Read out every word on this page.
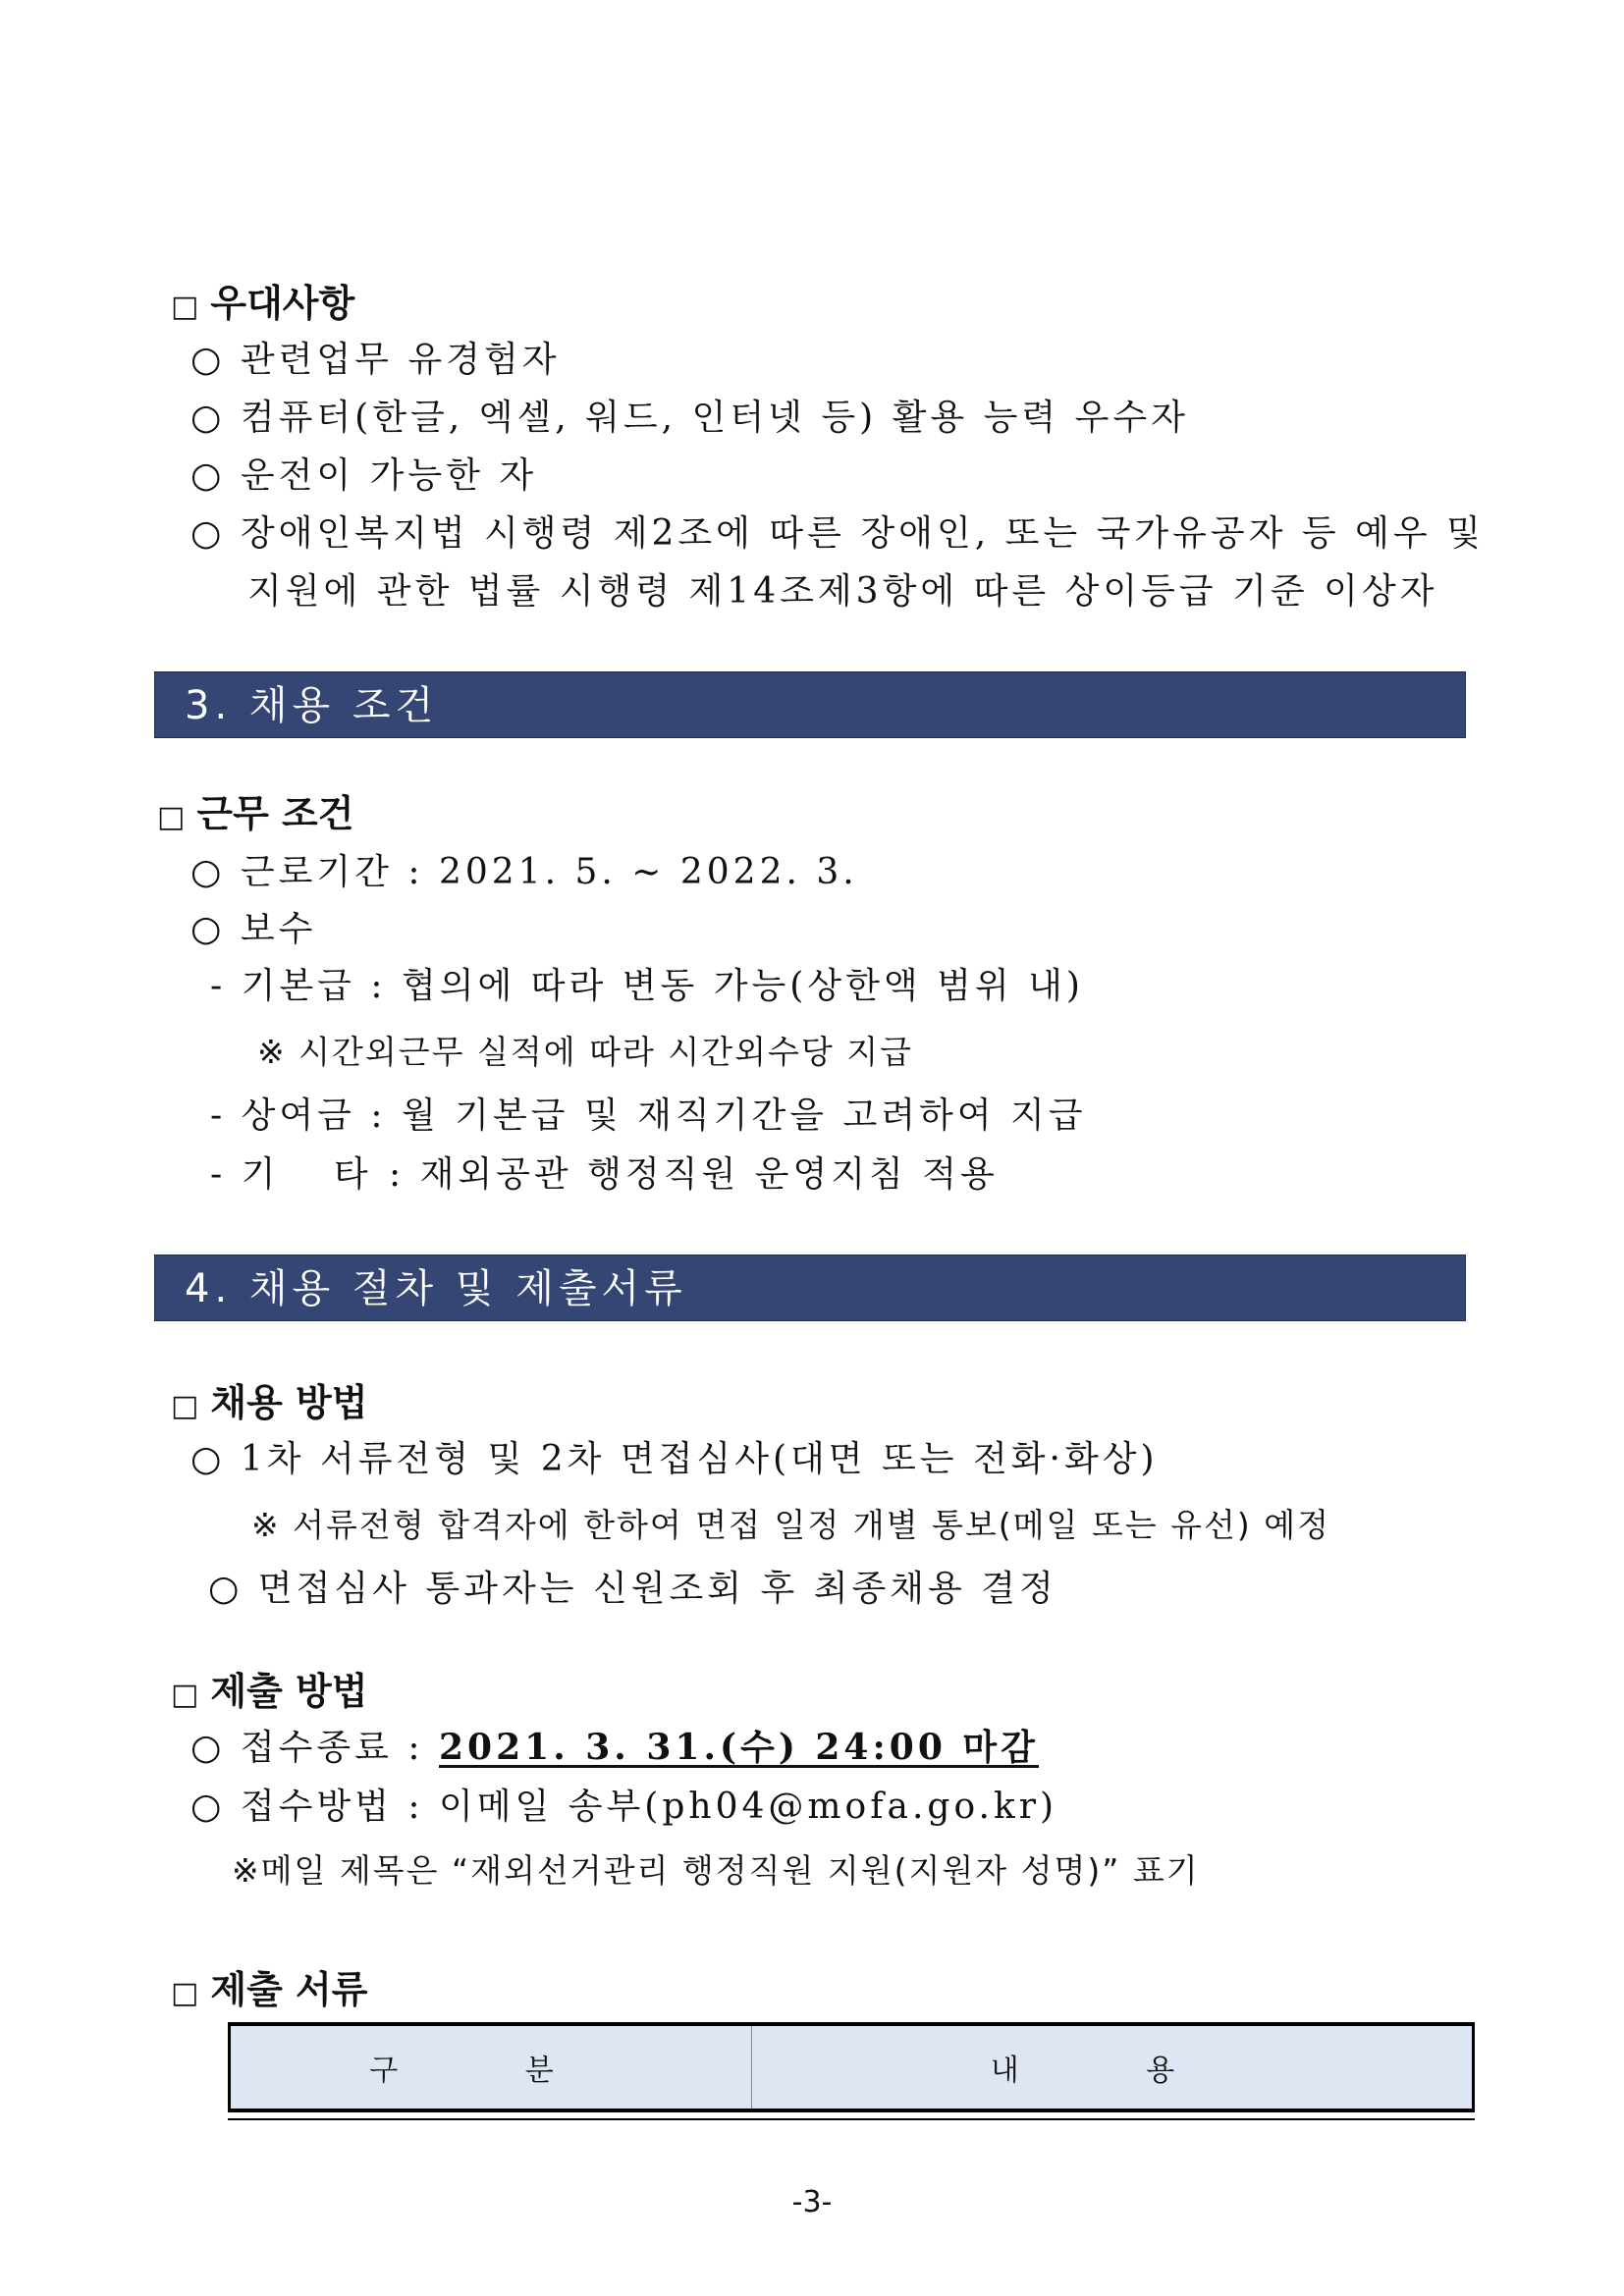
□ 우대사항
○ 관련업무 유경험자
○ 컴퓨터(한글, 엑셀, 워드, 인터넷 등) 활용 능력 우수자
○ 운전이 가능한 자
○ 장애인복지법 시행령 제2조에 따른 장애인, 또는 국가유공자 등 예우 및
지원에 관한 법률 시행령 제14조제3항에 따른 상이등급 기준 이상자
3. 채용 조건
□ 근무 조건
○ 근로기간 : 2021. 5. ~ 2022. 3.
○ 보수
- 기본급 : 협의에 따라 변동 가능(상한액 범위 내)
※ 시간외근무 실적에 따라 시간외수당 지급
- 상여금 : 월 기본급 및 재직기간을 고려하여 지급
- 기　 타 : 재외공관 행정직원 운영지침 적용
4. 채용 절차 및 제출서류
□ 채용 방법
○ 1차 서류전형 및 2차 면접심사(대면 또는 전화·화상)
※ 서류전형 합격자에 한하여 면접 일정 개별 통보(메일 또는 유선) 예정
○ 면접심사 통과자는 신원조회 후 최종채용 결정
□ 제출 방법
○ 접수종료 : 2021. 3. 31.(수) 24:00 마감
○ 접수방법 : 이메일 송부(ph04@mofa.go.kr)
※메일 제목은 “재외선거관리 행정직원 지원(지원자 성명)” 표기
□ 제출 서류
구 분	내 용
-3-
